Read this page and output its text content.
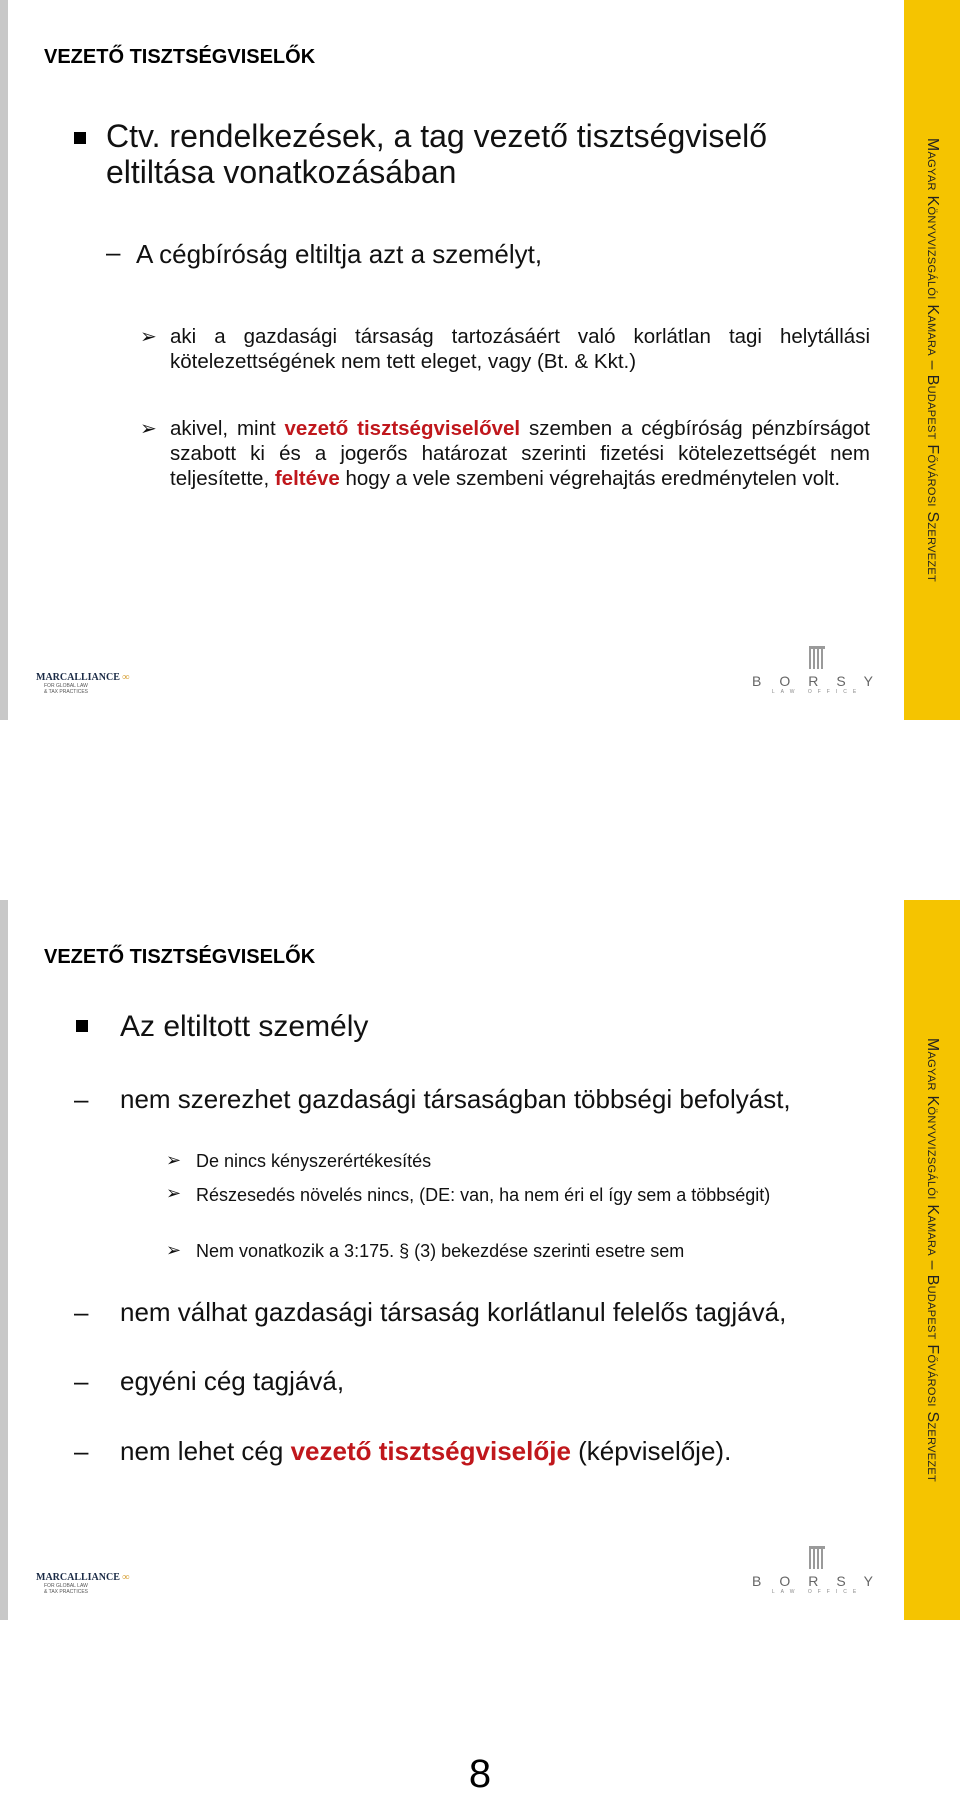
VEZETŐ TISZTSÉGVISELŐK
Ctv. rendelkezések, a tag vezető tisztségviselő eltiltása vonatkozásában
– A cégbíróság eltiltja azt a személyt,
➢ aki a gazdasági társaság tartozásáért való korlátlan tagi helytállási kötelezettségének nem tett eleget, vagy (Bt. & Kkt.)
➢ akivel, mint vezető tisztségviselővel szemben a cégbíróság pénzbírságot szabott ki és a jogerős határozat szerinti fizetési kötelezettségét nem teljesítette, feltéve hogy a vele szembeni végrehajtás eredménytelen volt.
MARCALLIANCE ∞
FOR GLOBAL LAW
& TAX PRACTICES
BORSY
LAW OFFICE
Magyar Könyvvizsgálói Kamara – Budapest Fővárosi Szervezet
VEZETŐ TISZTSÉGVISELŐK
Az eltiltott személy
– nem szerezhet gazdasági társaságban többségi befolyást,
➢ De nincs kényszerértékesítés
➢ Részesedés növelés nincs, (DE: van, ha nem éri el így sem a többségit)
➢ Nem vonatkozik a 3:175. § (3) bekezdése szerinti esetre sem
– nem válhat gazdasági társaság korlátlanul felelős tagjává,
– egyéni cég tagjává,
– nem lehet cég vezető tisztségviselője (képviselője).
MARCALLIANCE ∞
FOR GLOBAL LAW
& TAX PRACTICES
BORSY
LAW OFFICE
Magyar Könyvvizsgálói Kamara – Budapest Fővárosi Szervezet
8
